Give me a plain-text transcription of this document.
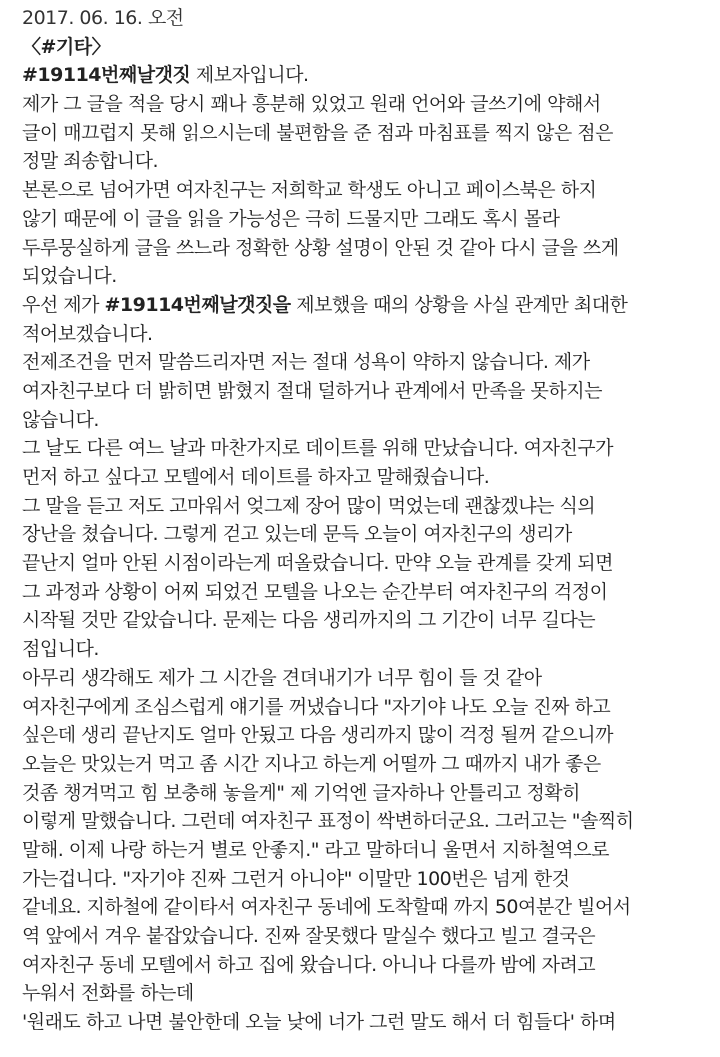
2017. 06. 16. 오전
〈#기타〉
#19114번째날갯짓 제보자입니다.
제가 그 글을 적을 당시 꽤나 흥분해 있었고 원래 언어와 글쓰기에 약해서
글이 매끄럽지 못해 읽으시는데 불편함을 준 점과 마침표를 찍지 않은 점은
정말 죄송합니다.
본론으로 넘어가면 여자친구는 저희학교 학생도 아니고 페이스북은 하지
않기 때문에 이 글을 읽을 가능성은 극히 드물지만 그래도 혹시 몰라
두루뭉실하게 글을 쓰느라 정확한 상황 설명이 안된 것 같아 다시 글을 쓰게
되었습니다.
우선 제가 #19114번째날갯짓을 제보했을 때의 상황을 사실 관계만 최대한
적어보겠습니다.
전제조건을 먼저 말씀드리자면 저는 절대 성욕이 약하지 않습니다. 제가
여자친구보다 더 밝히면 밝혔지 절대 덜하거나 관계에서 만족을 못하지는
않습니다.
그 날도 다른 여느 날과 마찬가지로 데이트를 위해 만났습니다. 여자친구가
먼저 하고 싶다고 모텔에서 데이트를 하자고 말해줬습니다.
그 말을 듣고 저도 고마워서 엊그제 장어 많이 먹었는데 괜찮겠냐는 식의
장난을 쳤습니다. 그렇게 걷고 있는데 문득 오늘이 여자친구의 생리가
끝난지 얼마 안된 시점이라는게 떠올랐습니다. 만약 오늘 관계를 갖게 되면
그 과정과 상황이 어찌 되었건 모텔을 나오는 순간부터 여자친구의 걱정이
시작될 것만 같았습니다. 문제는 다음 생리까지의 그 기간이 너무 길다는
점입니다.
아무리 생각해도 제가 그 시간을 견뎌내기가 너무 힘이 들 것 같아
여자친구에게 조심스럽게 얘기를 꺼냈습니다 "자기야 나도 오늘 진짜 하고
싶은데 생리 끝난지도 얼마 안됬고 다음 생리까지 많이 걱정 될꺼 같으니까
오늘은 맛있는거 먹고 좀 시간 지나고 하는게 어떨까 그 때까지 내가 좋은
것좀 챙겨먹고 힘 보충해 놓을게" 제 기억엔 글자하나 안틀리고 정확히
이렇게 말했습니다. 그런데 여자친구 표정이 싹변하더군요. 그러고는 "솔찍히
말해. 이제 나랑 하는거 별로 안좋지." 라고 말하더니 울면서 지하철역으로
가는겁니다. "자기야 진짜 그런거 아니야" 이말만 100번은 넘게 한것
같네요. 지하철에 같이타서 여자친구 동네에 도착할때 까지 50여분간 빌어서
역 앞에서 겨우 붙잡았습니다. 진짜 잘못했다 말실수 했다고 빌고 결국은
여자친구 동네 모텔에서 하고 집에 왔습니다. 아니나 다를까 밤에 자려고
누워서 전화를 하는데
'원래도 하고 나면 불안한데 오늘 낮에 너가 그런 말도 해서 더 힘들다' 하며
